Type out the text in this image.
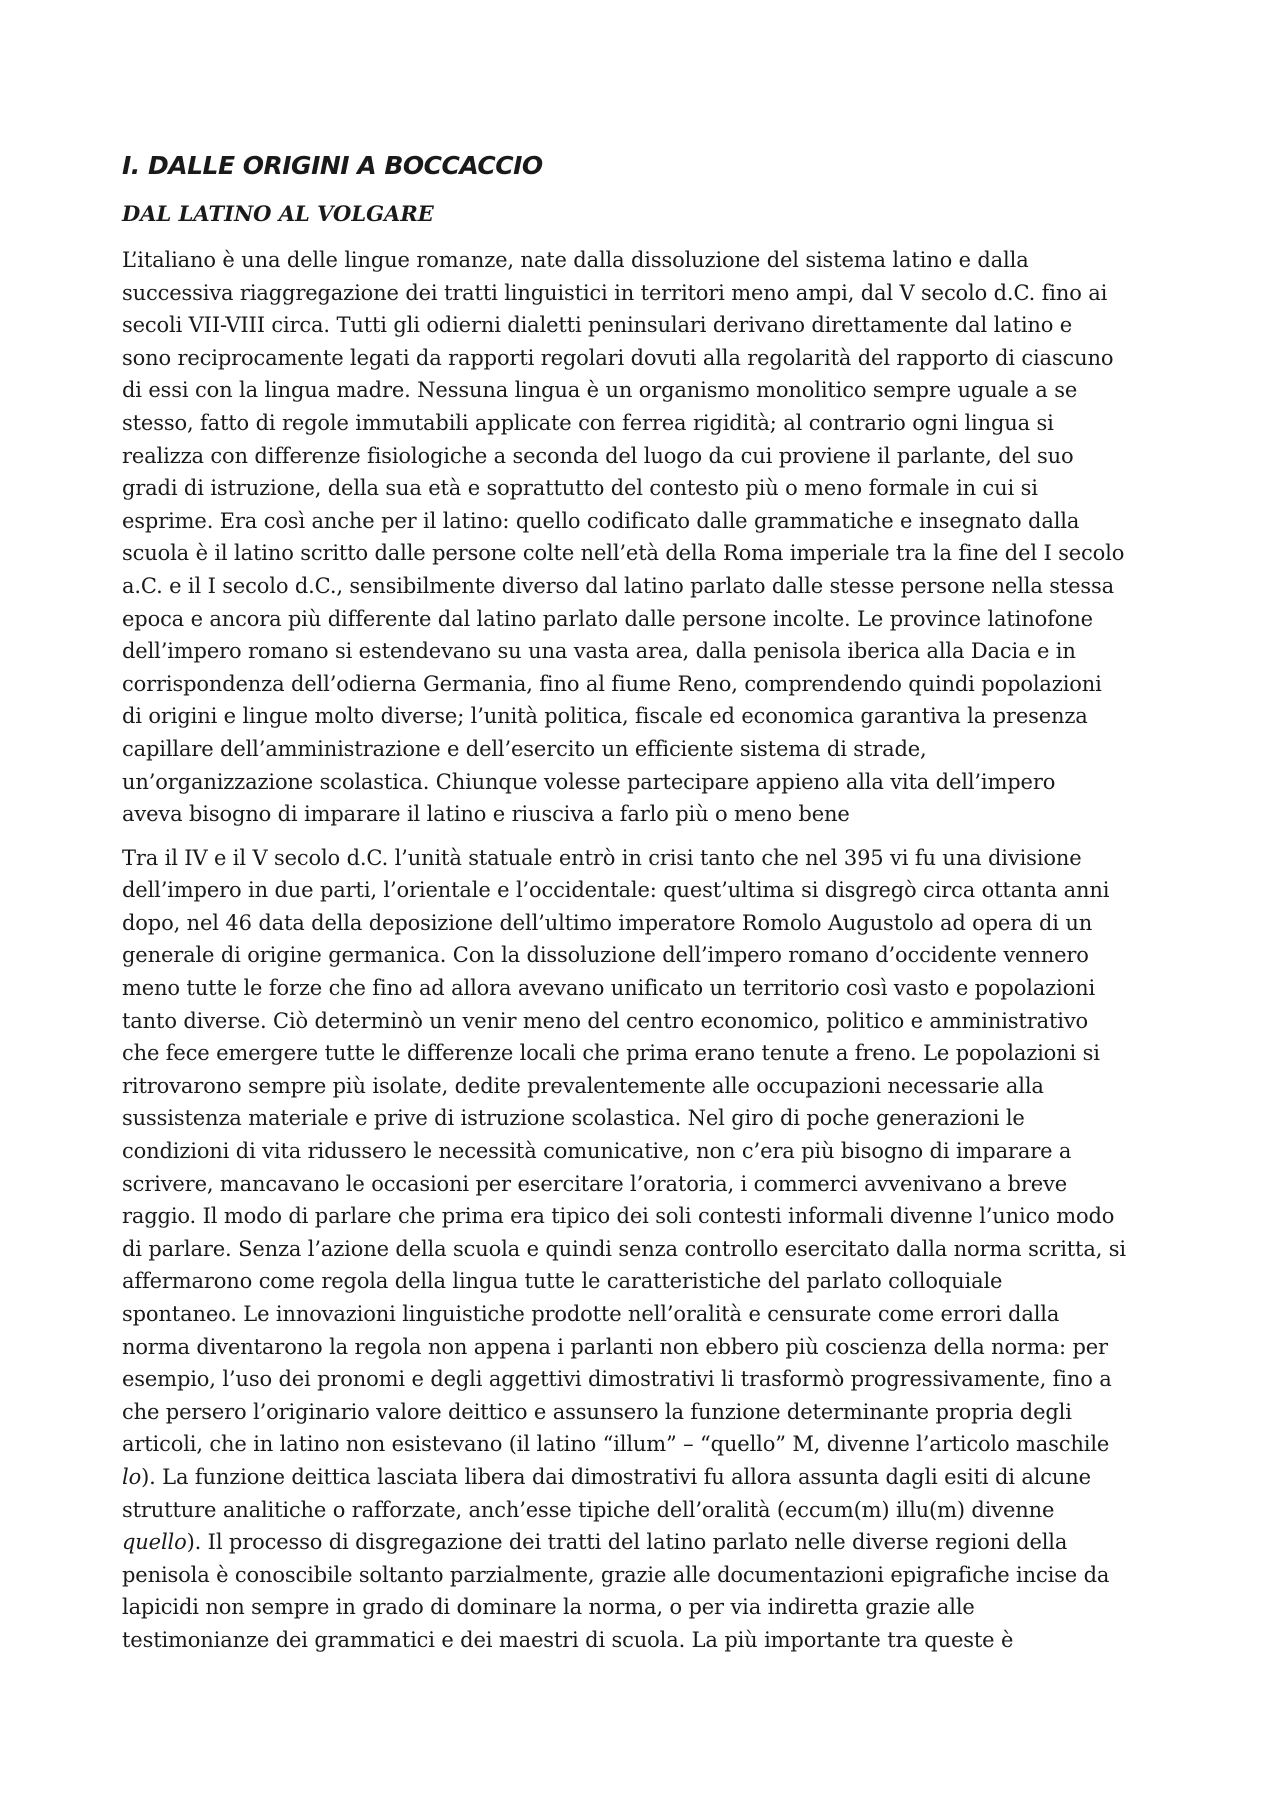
I. DALLE ORIGINI A BOCCACCIO
DAL LATINO AL VOLGARE

L’italiano è una delle lingue romanze, nate dalla dissoluzione del sistema latino e dalla
successiva riaggregazione dei tratti linguistici in territori meno ampi, dal V secolo d.C. fino ai
secoli VII-VIII circa. Tutti gli odierni dialetti peninsulari derivano direttamente dal latino e
sono reciprocamente legati da rapporti regolari dovuti alla regolarità del rapporto di ciascuno
di essi con la lingua madre. Nessuna lingua è un organismo monolitico sempre uguale a se
stesso, fatto di regole immutabili applicate con ferrea rigidità; al contrario ogni lingua si
realizza con differenze fisiologiche a seconda del luogo da cui proviene il parlante, del suo
gradi di istruzione, della sua età e soprattutto del contesto più o meno formale in cui si
esprime. Era così anche per il latino: quello codificato dalle grammatiche e insegnato dalla
scuola è il latino scritto dalle persone colte nell’età della Roma imperiale tra la fine del I secolo
a.C. e il I secolo d.C., sensibilmente diverso dal latino parlato dalle stesse persone nella stessa
epoca e ancora più differente dal latino parlato dalle persone incolte. Le province latinofone
dell’impero romano si estendevano su una vasta area, dalla penisola iberica alla Dacia e in
corrispondenza dell’odierna Germania, fino al fiume Reno, comprendendo quindi popolazioni
di origini e lingue molto diverse; l’unità politica, fiscale ed economica garantiva la presenza
capillare dell’amministrazione e dell’esercito un efficiente sistema di strade,
un’organizzazione scolastica. Chiunque volesse partecipare appieno alla vita dell’impero
aveva bisogno di imparare il latino e riusciva a farlo più o meno bene

Tra il IV e il V secolo d.C. l’unità statuale entrò in crisi tanto che nel 395 vi fu una divisione
dell’impero in due parti, l’orientale e l’occidentale: quest’ultima si disgregò circa ottanta anni
dopo, nel 46 data della deposizione dell’ultimo imperatore Romolo Augustolo ad opera di un
generale di origine germanica. Con la dissoluzione dell’impero romano d’occidente vennero
meno tutte le forze che fino ad allora avevano unificato un territorio così vasto e popolazioni
tanto diverse. Ciò determinò un venir meno del centro economico, politico e amministrativo
che fece emergere tutte le differenze locali che prima erano tenute a freno. Le popolazioni si
ritrovarono sempre più isolate, dedite prevalentemente alle occupazioni necessarie alla
sussistenza materiale e prive di istruzione scolastica. Nel giro di poche generazioni le
condizioni di vita ridussero le necessità comunicative, non c’era più bisogno di imparare a
scrivere, mancavano le occasioni per esercitare l’oratoria, i commerci avvenivano a breve
raggio. Il modo di parlare che prima era tipico dei soli contesti informali divenne l’unico modo
di parlare. Senza l’azione della scuola e quindi senza controllo esercitato dalla norma scritta, si
affermarono come regola della lingua tutte le caratteristiche del parlato colloquiale
spontaneo. Le innovazioni linguistiche prodotte nell’oralità e censurate come errori dalla
norma diventarono la regola non appena i parlanti non ebbero più coscienza della norma: per
esempio, l’uso dei pronomi e degli aggettivi dimostrativi li trasformò progressivamente, fino a
che persero l’originario valore deittico e assunsero la funzione determinante propria degli
articoli, che in latino non esistevano (il latino “illum” – “quello” M, divenne l’articolo maschile
lo). La funzione deittica lasciata libera dai dimostrativi fu allora assunta dagli esiti di alcune
strutture analitiche o rafforzate, anch’esse tipiche dell’oralità (eccum(m) illu(m) divenne
quello). Il processo di disgregazione dei tratti del latino parlato nelle diverse regioni della
penisola è conoscibile soltanto parzialmente, grazie alle documentazioni epigrafiche incise da
lapicidi non sempre in grado di dominare la norma, o per via indiretta grazie alle
testimonianze dei grammatici e dei maestri di scuola. La più importante tra queste è
